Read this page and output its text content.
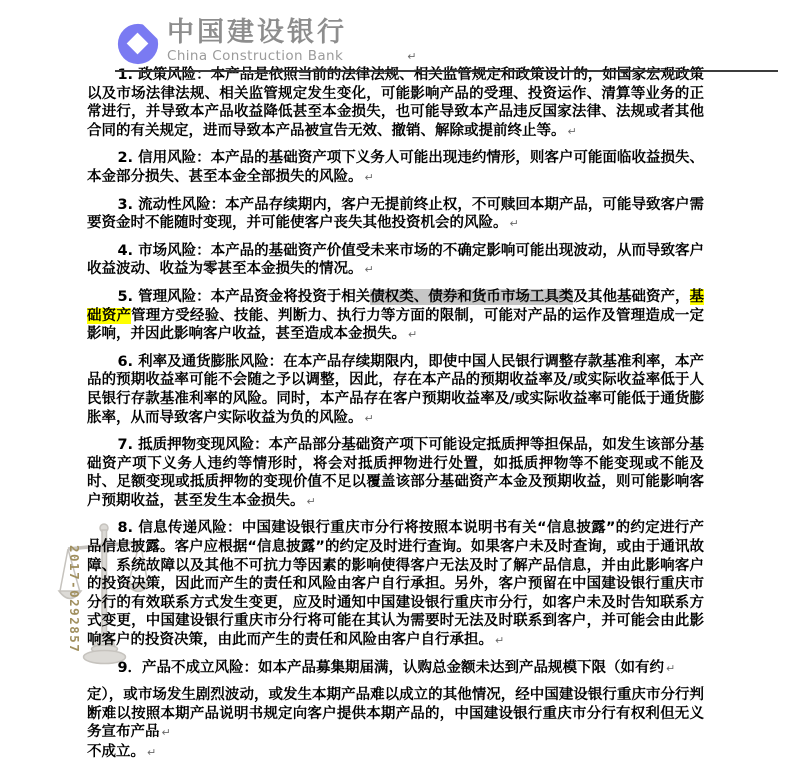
中国建设银行
China Construction Bank	↵
2017-0292857

1. 政策风险：本产品是依照当前的法律法规、相关监管规定和政策设计的，如国家宏观政策以及市场法律法规、相关监管规定发生变化，可能影响产品的受理、投资运作、清算等业务的正常进行，并导致本产品收益降低甚至本金损失，也可能导致本产品违反国家法律、法规或者其他合同的有关规定，进而导致本产品被宣告无效、撤销、解除或提前终止等。 ↵

2. 信用风险：本产品的基础资产项下义务人可能出现违约情形，则客户可能面临收益损失、本金部分损失、甚至本金全部损失的风险。 ↵

3. 流动性风险：本产品存续期内，客户无提前终止权，不可赎回本期产品，可能导致客户需要资金时不能随时变现，并可能使客户丧失其他投资机会的风险。 ↵

4. 市场风险：本产品的基础资产价值受未来市场的不确定影响可能出现波动，从而导致客户收益波动、收益为零甚至本金损失的情况。 ↵

5. 管理风险：本产品资金将投资于相关债权类、债券和货币市场工具类及其他基础资产，基础资产管理方受经验、技能、判断力、执行力等方面的限制，可能对产品的运作及管理造成一定影响，并因此影响客户收益，甚至造成本金损失。 ↵

6. 利率及通货膨胀风险：在本产品存续期限内，即使中国人民银行调整存款基准利率，本产品的预期收益率可能不会随之予以调整，因此，存在本产品的预期收益率及/或实际收益率低于人民银行存款基准利率的风险。同时，本产品存在客户预期收益率及/或实际收益率可能低于通货膨胀率，从而导致客户实际收益为负的风险。 ↵

7. 抵质押物变现风险：本产品部分基础资产项下可能设定抵质押等担保品，如发生该部分基础资产项下义务人违约等情形时，将会对抵质押物进行处置，如抵质押物等不能变现或不能及时、足额变现或抵质押物的变现价值不足以覆盖该部分基础资产本金及预期收益，则可能影响客户预期收益，甚至发生本金损失。 ↵

8. 信息传递风险：中国建设银行重庆市分行将按照本说明书有关“信息披露”的约定进行产品信息披露。客户应根据“信息披露”的约定及时进行查询。如果客户未及时查询，或由于通讯故障、系统故障以及其他不可抗力等因素的影响使得客户无法及时了解产品信息，并由此影响客户的投资决策，因此而产生的责任和风险由客户自行承担。另外，客户预留在中国建设银行重庆市分行的有效联系方式发生变更，应及时通知中国建设银行重庆市分行，如客户未及时告知联系方式变更，中国建设银行重庆市分行将可能在其认为需要时无法及时联系到客户，并可能会由此影响客户的投资决策，由此而产生的责任和风险由客户自行承担。 ↵

9．产品不成立风险：如本产品募集期届满，认购总金额未达到产品规模下限（如有约 ↵

定），或市场发生剧烈波动，或发生本期产品难以成立的其他情况，经中国建设银行重庆市分行判断难以按照本期产品说明书规定向客户提供本期产品的，中国建设银行重庆市分行有权利但无义务宣布产品 ↵

不成立。 ↵
